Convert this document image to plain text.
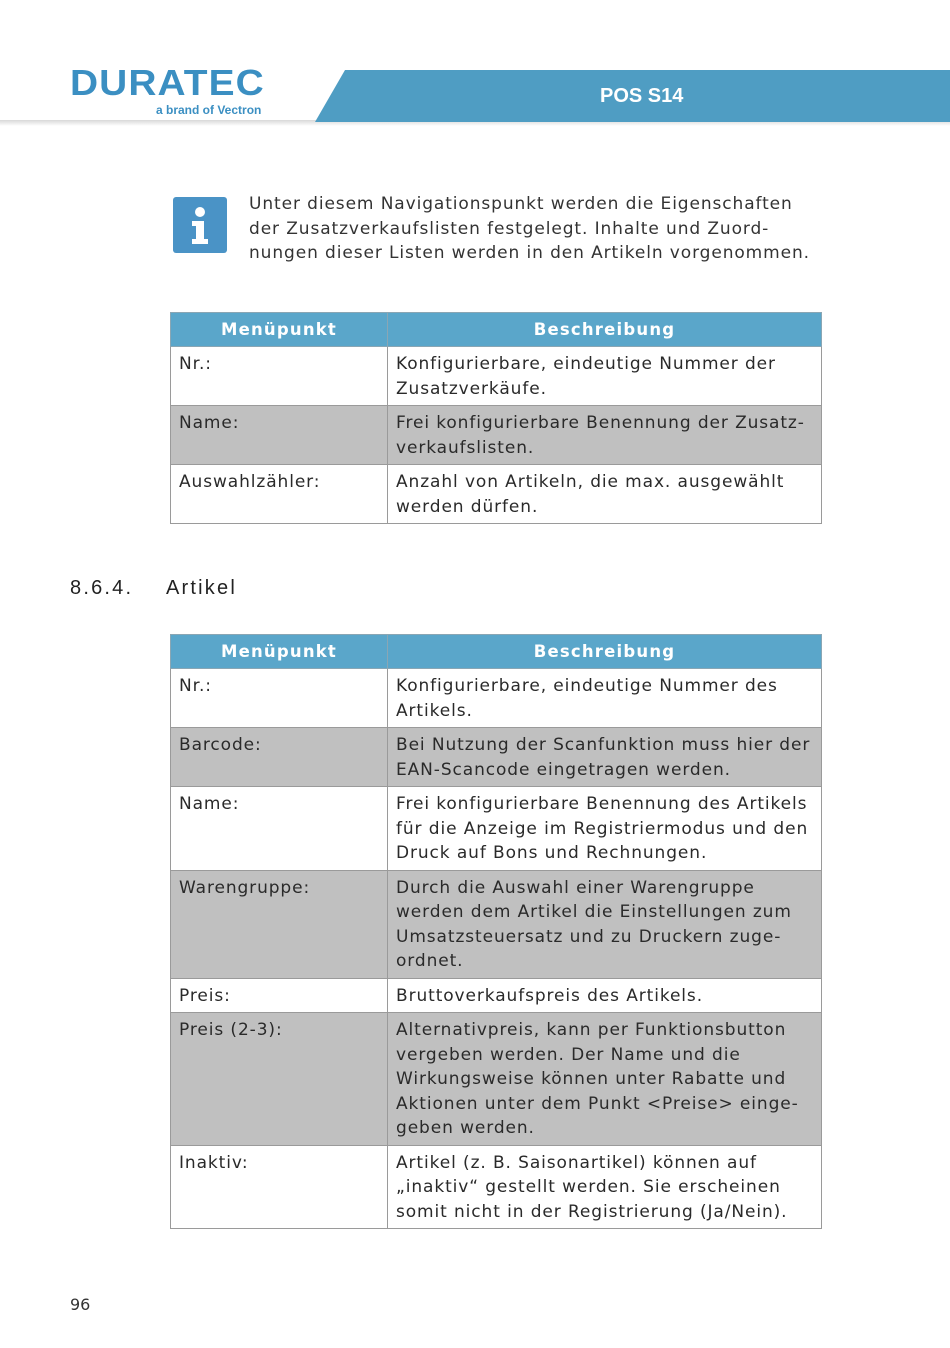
POS S14
DURATEC
a brand of Vectron
Unter diesem Navigationspunkt werden die Eigenschaften
der Zusatzverkaufslisten festgelegt. Inhalte und Zuord-
nungen dieser Listen werden in den Artikeln vorgenommen.
Menüpunkt	Beschreibung
Nr.:	Konfigurierbare, eindeutige Nummer der
Zusatzverkäufe.

Name:	Frei konfigurierbare Benennung der Zusatz-
verkaufslisten.

Auswahlzähler:	Anzahl von Artikeln, die max. ausgewählt
werden dürfen.
8.6.4. Artikel
Menüpunkt	Beschreibung
Nr.:	Konfigurierbare, eindeutige Nummer des
Artikels.

Barcode:	Bei Nutzung der Scanfunktion muss hier der
EAN-Scancode eingetragen werden.

Name:	Frei konfigurierbare Benennung des Artikels
für die Anzeige im Registriermodus und den
Druck auf Bons und Rechnungen.

Warengruppe:	Durch die Auswahl einer Warengruppe
werden dem Artikel die Einstellungen zum
Umsatzsteuersatz und zu Druckern zuge-
ordnet.

Preis:	Bruttoverkaufspreis des Artikels.

Preis (2-3):	Alternativpreis, kann per Funktionsbutton
vergeben werden. Der Name und die
Wirkungsweise können unter Rabatte und
Aktionen unter dem Punkt <Preise> einge-
geben werden.

Inaktiv:	Artikel (z. B. Saisonartikel) können auf
„inaktiv“ gestellt werden. Sie erscheinen
somit nicht in der Registrierung (Ja/Nein).
96
